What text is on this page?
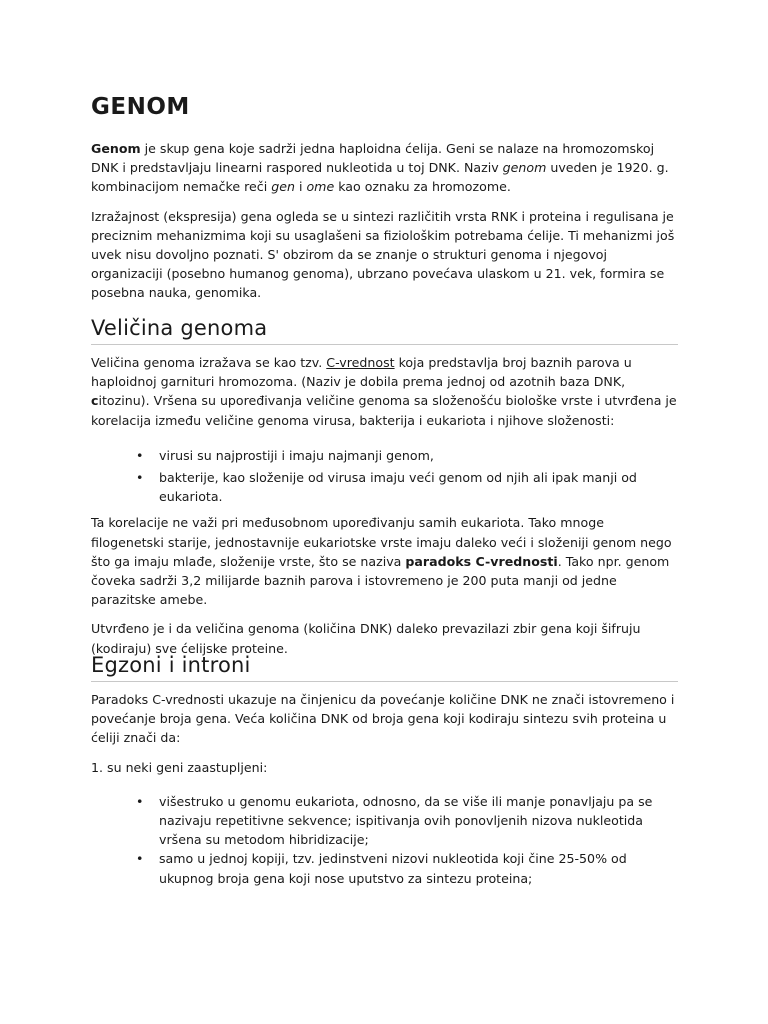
GENOM

Genom je skup gena koje sadrži jedna haploidna ćelija. Geni se nalaze na hromozomskoj DNK i predstavljaju linearni raspored nukleotida u toj DNK. Naziv genom uveden je 1920. g. kombinacijom nemačke reči gen i ome kao oznaku za hromozome.

Izražajnost (ekspresija) gena ogleda se u sintezi različitih vrsta RNK i proteina i regulisana je preciznim mehanizmima koji su usaglašeni sa fiziološkim potrebama ćelije. Ti mehanizmi još uvek nisu dovoljno poznati. S' obzirom da se znanje o strukturi genoma i njegovoj organizaciji (posebno humanog genoma), ubrzano povećava ulaskom u 21. vek, formira se posebna nauka, genomika.

Veličina genoma

Veličina genoma izražava se kao tzv. C-vrednost koja predstavlja broj baznih parova u haploidnoj garnituri hromozoma. (Naziv je dobila prema jednoj od azotnih baza DNK, citozinu). Vršena su upoređivanja veličine genoma sa složenošću biološke vrste i utvrđena je korelacija između veličine genoma virusa, bakterija i eukariota i njihove složenosti:

• virusi su najprostiji i imaju najmanji genom,
• bakterije, kao složenije od virusa imaju veći genom od njih ali ipak manji od eukariota.

Ta korelacije ne važi pri međusobnom upoređivanju samih eukariota. Tako mnoge filogenetski starije, jednostavnije eukariotske vrste imaju daleko veći i složeniji genom nego što ga imaju mlađe, složenije vrste, što se naziva paradoks C-vrednosti. Tako npr. genom čoveka sadrži 3,2 milijarde baznih parova i istovremeno je 200 puta manji od jedne parazitske amebe.

Utvrđeno je i da veličina genoma (količina DNK) daleko prevazilazi zbir gena koji šifruju (kodiraju) sve ćelijske proteine.

Egzoni i introni

Paradoks C-vrednosti ukazuje na činjenicu da povećanje količine DNK ne znači istovremeno i povećanje broja gena. Veća količina DNK od broja gena koji kodiraju sintezu svih proteina u ćeliji znači da:

1. su neki geni zaastupljeni:

• višestruko u genomu eukariota, odnosno, da se više ili manje ponavljaju pa se nazivaju repetitivne sekvence; ispitivanja ovih ponovljenih nizova nukleotida vršena su metodom hibridizacije;
• samo u jednoj kopiji, tzv. jedinstveni nizovi nukleotida koji čine 25-50% od ukupnog broja gena koji nose uputstvo za sintezu proteina;
